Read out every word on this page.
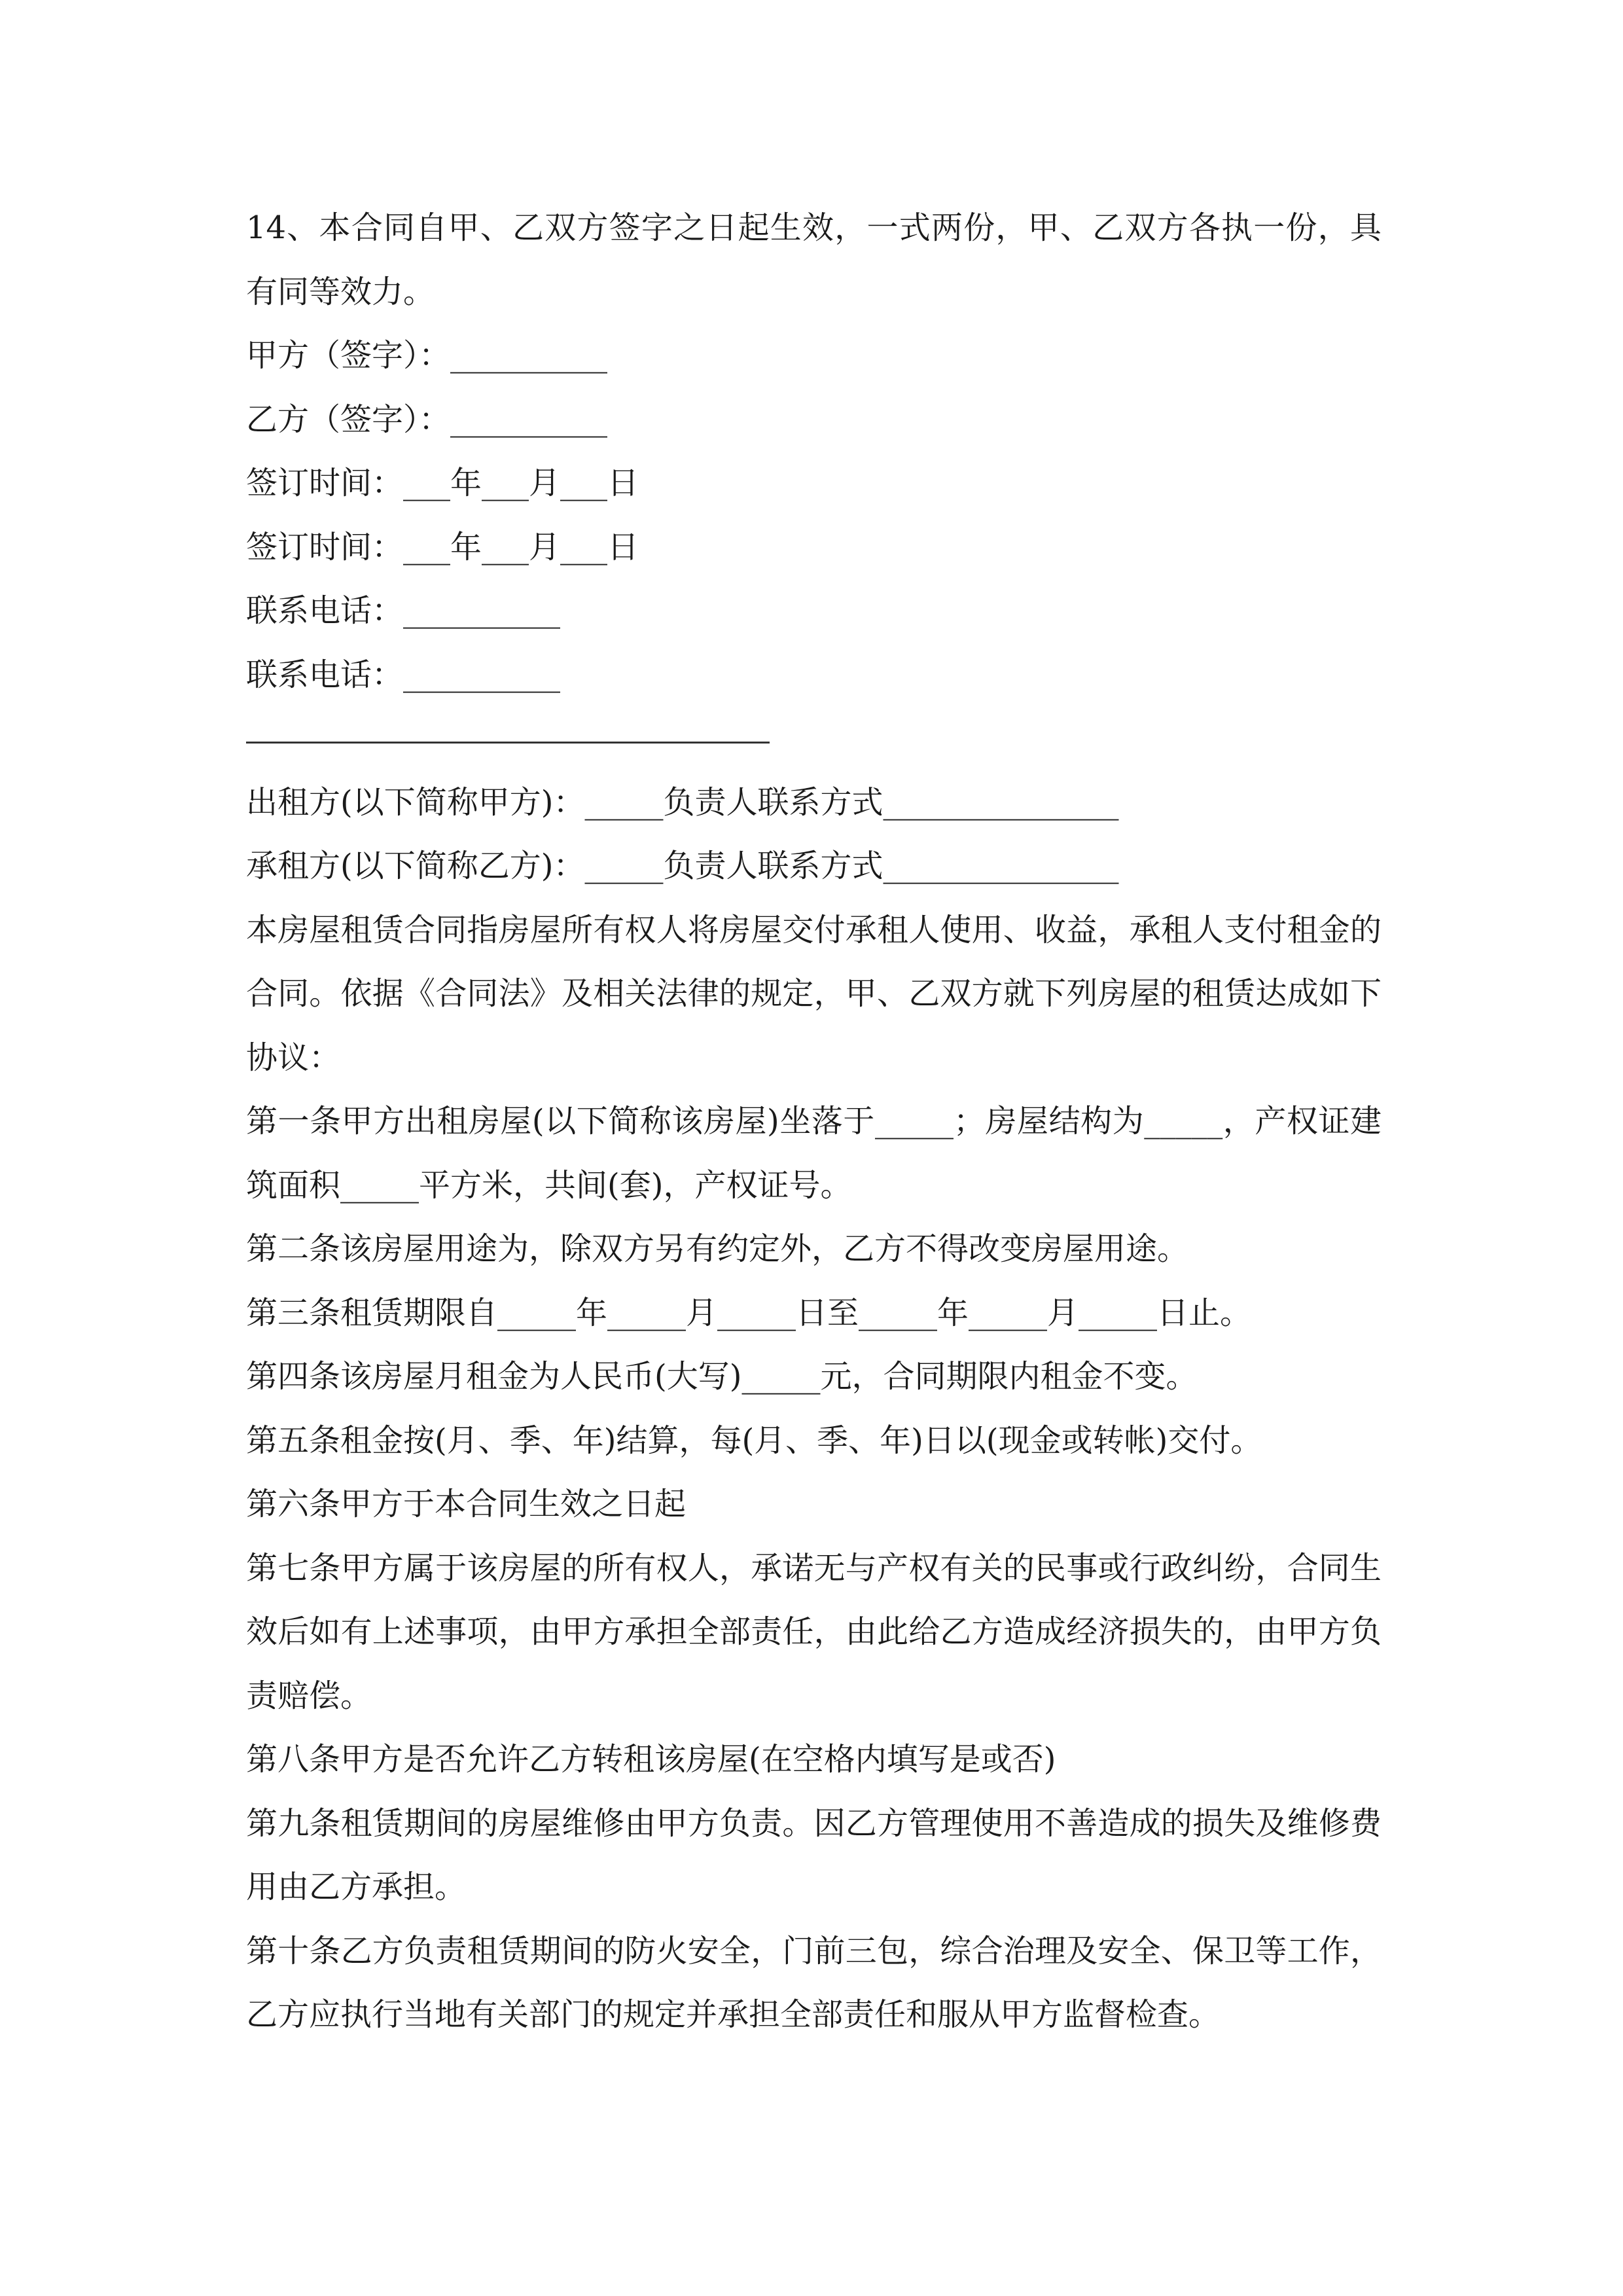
14、本合同自甲、乙双方签字之日起生效，一式两份，甲、乙双方各执一份，具有同等效力。

甲方（签字）：__________

乙方（签字）：__________

签订时间：___年___月___日

签订时间：___年___月___日

联系电话：__________

联系电话：__________

出租方(以下简称甲方)：_____负责人联系方式_______________

承租方(以下简称乙方)：_____负责人联系方式_______________

本房屋租赁合同指房屋所有权人将房屋交付承租人使用、收益，承租人支付租金的合同。依据《合同法》及相关法律的规定，甲、乙双方就下列房屋的租赁达成如下协议：

第一条甲方出租房屋(以下简称该房屋)坐落于_____；房屋结构为_____，产权证建筑面积_____平方米，共间(套)，产权证号。

第二条该房屋用途为，除双方另有约定外，乙方不得改变房屋用途。

第三条租赁期限自_____年_____月_____日至_____年_____月_____日止。

第四条该房屋月租金为人民币(大写)_____元，合同期限内租金不变。

第五条租金按(月、季、年)结算，每(月、季、年)日以(现金或转帐)交付。

第六条甲方于本合同生效之日起

第七条甲方属于该房屋的所有权人，承诺无与产权有关的民事或行政纠纷，合同生效后如有上述事项，由甲方承担全部责任，由此给乙方造成经济损失的，由甲方负责赔偿。

第八条甲方是否允许乙方转租该房屋(在空格内填写是或否)

第九条租赁期间的房屋维修由甲方负责。因乙方管理使用不善造成的损失及维修费用由乙方承担。

第十条乙方负责租赁期间的防火安全，门前三包，综合治理及安全、保卫等工作，乙方应执行当地有关部门的规定并承担全部责任和服从甲方监督检查。
